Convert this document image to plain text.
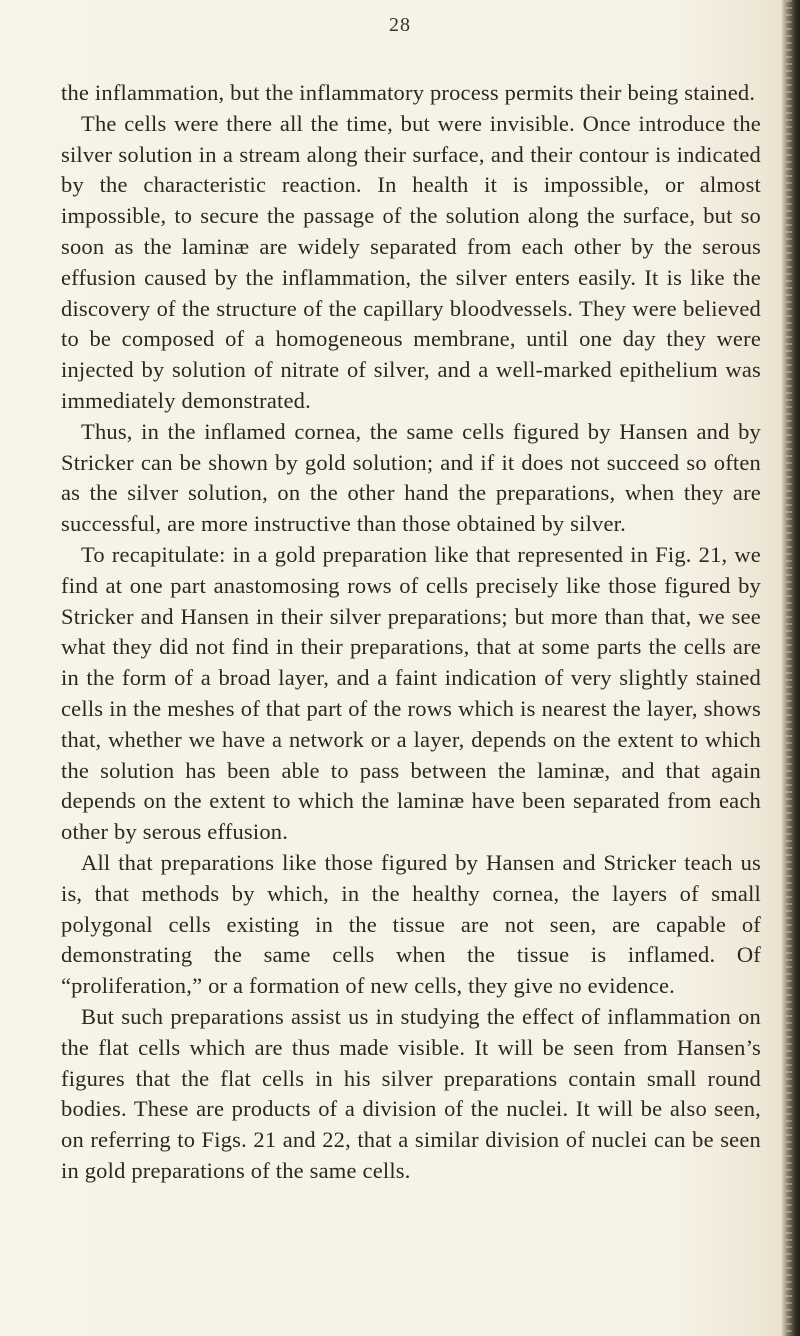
28

the inflammation, but the inflammatory process permits their being stained.

The cells were there all the time, but were invisible. Once introduce the silver solution in a stream along their surface, and their contour is indicated by the characteristic reaction. In health it is impossible, or almost impossible, to secure the passage of the solution along the surface, but so soon as the laminæ are widely separated from each other by the serous effusion caused by the inflammation, the silver enters easily. It is like the discovery of the structure of the capillary bloodvessels. They were believed to be composed of a homogeneous membrane, until one day they were injected by solution of nitrate of silver, and a well-marked epithelium was immediately demonstrated.

Thus, in the inflamed cornea, the same cells figured by Hansen and by Stricker can be shown by gold solution; and if it does not succeed so often as the silver solution, on the other hand the preparations, when they are successful, are more instructive than those obtained by silver.

To recapitulate: in a gold preparation like that represented in Fig. 21, we find at one part anastomosing rows of cells precisely like those figured by Stricker and Hansen in their silver preparations; but more than that, we see what they did not find in their preparations, that at some parts the cells are in the form of a broad layer, and a faint indication of very slightly stained cells in the meshes of that part of the rows which is nearest the layer, shows that, whether we have a network or a layer, depends on the extent to which the solution has been able to pass between the laminæ, and that again depends on the extent to which the laminæ have been separated from each other by serous effusion.

All that preparations like those figured by Hansen and Stricker teach us is, that methods by which, in the healthy cornea, the layers of small polygonal cells existing in the tissue are not seen, are capable of demonstrating the same cells when the tissue is inflamed. Of “proliferation,” or a formation of new cells, they give no evidence.

But such preparations assist us in studying the effect of inflammation on the flat cells which are thus made visible. It will be seen from Hansen’s figures that the flat cells in his silver preparations contain small round bodies. These are products of a division of the nuclei. It will be also seen, on referring to Figs. 21 and 22, that a similar division of nuclei can be seen in gold preparations of the same cells.
